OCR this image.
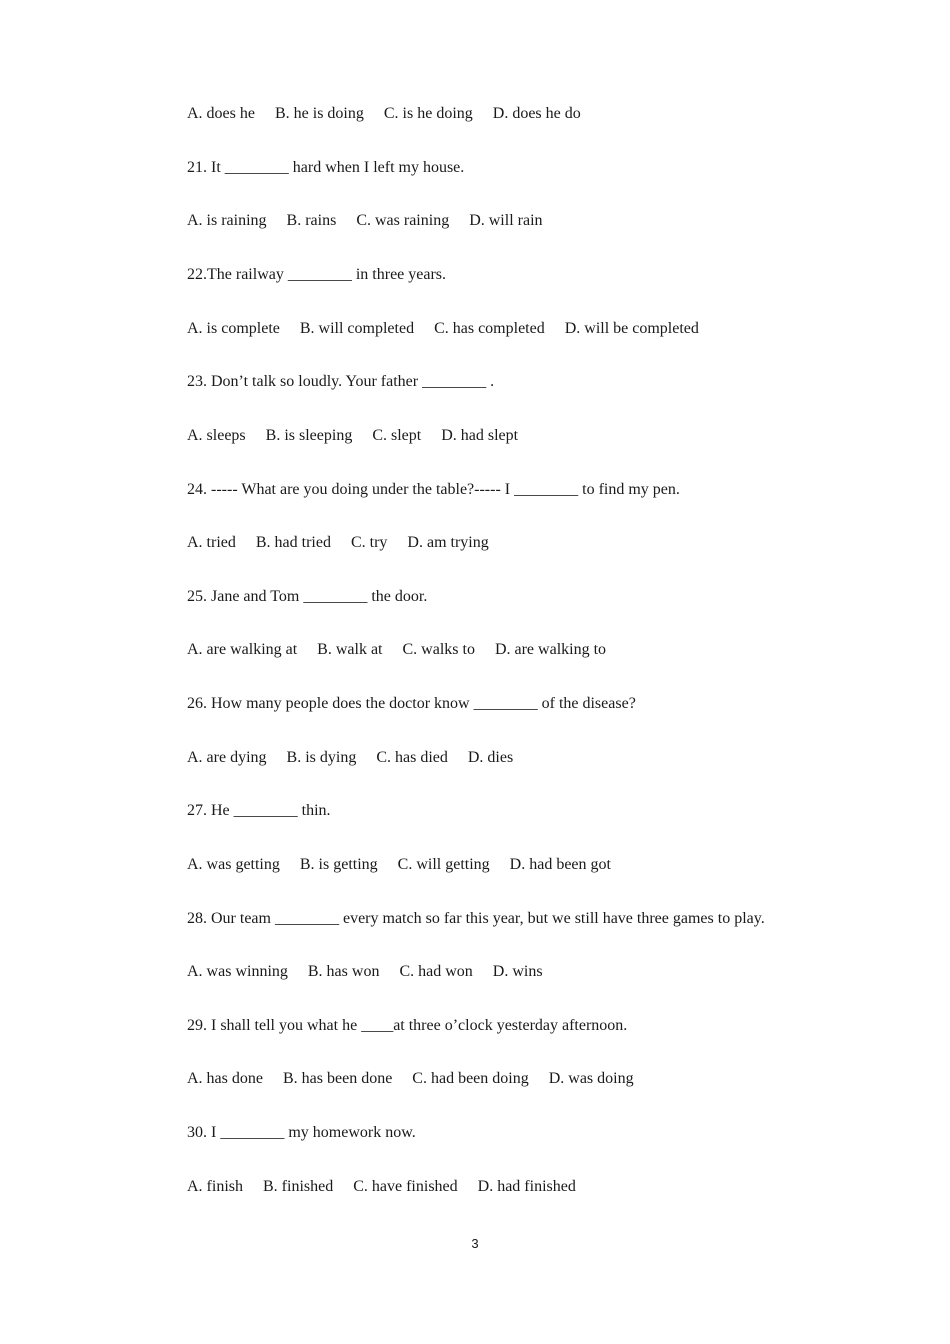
A. does he     B. he is doing     C. is he doing     D. does he do
21. It ________ hard when I left my house.
A. is raining     B. rains     C. was raining     D. will rain
22.The railway ________ in three years.
A. is complete     B. will completed     C. has completed     D. will be completed
23. Don’t talk so loudly. Your father ________ .
A. sleeps     B. is sleeping     C. slept     D. had slept
24. ----- What are you doing under the table?----- I ________ to find my pen.
A. tried     B. had tried     C. try     D. am trying
25. Jane and Tom ________ the door.
A. are walking at     B. walk at     C. walks to     D. are walking to
26. How many people does the doctor know ________ of the disease?
A. are dying     B. is dying     C. has died     D. dies
27. He ________ thin.
A. was getting     B. is getting     C. will getting     D. had been got
28. Our team ________ every match so far this year, but we still have three games to play.
A. was winning     B. has won     C. had won     D. wins
29. I shall tell you what he ____at three o’clock yesterday afternoon.
A. has done     B. has been done     C. had been doing     D. was doing
30. I ________ my homework now.
A. finish     B. finished     C. have finished     D. had finished
3
